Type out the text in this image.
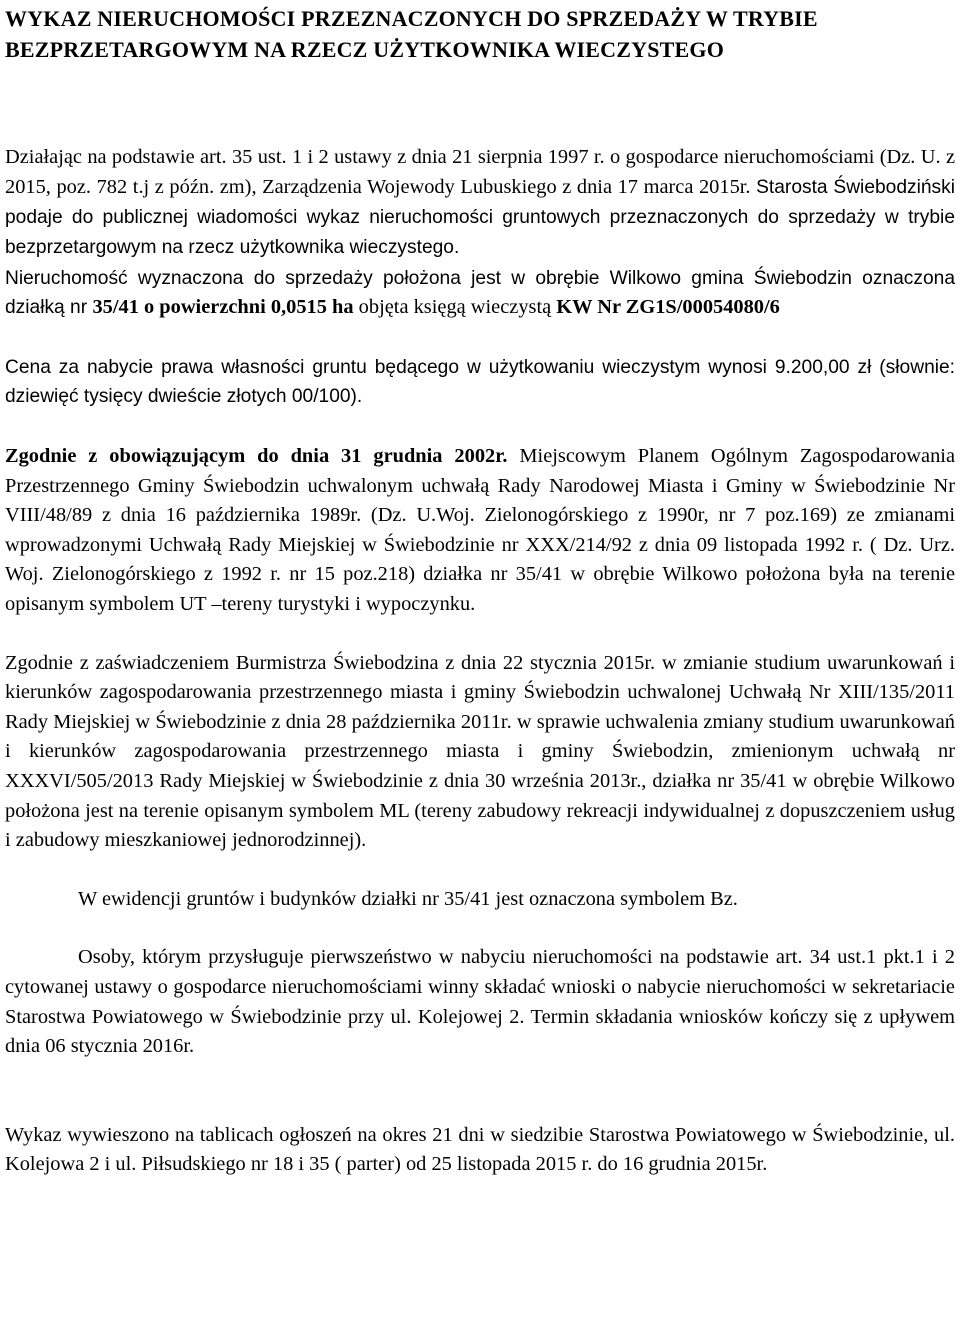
WYKAZ NIERUCHOMOŚCI PRZEZNACZONYCH DO SPRZEDAŻY W TRYBIE BEZPRZETARGOWYM NA RZECZ UŻYTKOWNIKA WIECZYSTEGO

Działając na podstawie art. 35 ust. 1 i 2 ustawy z dnia 21 sierpnia 1997 r. o gospodarce nieruchomościami (Dz. U. z 2015, poz. 782 t.j z późn. zm), Zarządzenia Wojewody Lubuskiego z dnia 17 marca 2015r. Starosta Świebodziński podaje do publicznej wiadomości wykaz nieruchomości gruntowych przeznaczonych do sprzedaży w trybie bezprzetargowym na rzecz użytkownika wieczystego.

Nieruchomość wyznaczona do sprzedaży położona jest w obrębie Wilkowo gmina Świebodzin oznaczona działką nr 35/41 o powierzchni 0,0515 ha objęta księgą wieczystą KW Nr ZG1S/00054080/6

Cena za nabycie prawa własności gruntu będącego w użytkowaniu wieczystym wynosi 9.200,00 zł (słownie: dziewięć tysięcy dwieście złotych 00/100).

Zgodnie z obowiązującym do dnia 31 grudnia 2002r. Miejscowym Planem Ogólnym Zagospodarowania Przestrzennego Gminy Świebodzin uchwalonym uchwałą Rady Narodowej Miasta i Gminy w Świebodzinie Nr VIII/48/89 z dnia 16 października 1989r. (Dz. U.Woj. Zielonogórskiego z 1990r, nr 7 poz.169) ze zmianami wprowadzonymi Uchwałą Rady Miejskiej w Świebodzinie nr XXX/214/92 z dnia 09 listopada 1992 r. ( Dz. Urz. Woj. Zielonogórskiego z 1992 r. nr 15 poz.218) działka nr 35/41 w obrębie Wilkowo położona była na terenie opisanym symbolem UT –tereny turystyki i wypoczynku.

Zgodnie z zaświadczeniem Burmistrza Świebodzina z dnia 22 stycznia 2015r. w zmianie studium uwarunkowań i kierunków zagospodarowania przestrzennego miasta i gminy Świebodzin uchwalonej Uchwałą Nr XIII/135/2011 Rady Miejskiej w Świebodzinie z dnia 28 października 2011r. w sprawie uchwalenia zmiany studium uwarunkowań i kierunków zagospodarowania przestrzennego miasta i gminy Świebodzin, zmienionym uchwałą nr XXXVI/505/2013 Rady Miejskiej w Świebodzinie z dnia 30 września 2013r., działka nr 35/41 w obrębie Wilkowo położona jest na terenie opisanym symbolem ML (tereny zabudowy rekreacji indywidualnej z dopuszczeniem usług i zabudowy mieszkaniowej jednorodzinnej).

W ewidencji gruntów i budynków działki nr 35/41 jest oznaczona symbolem Bz.

Osoby, którym przysługuje pierwszeństwo w nabyciu nieruchomości na podstawie art. 34 ust.1 pkt.1 i 2 cytowanej ustawy o gospodarce nieruchomościami winny składać wnioski o nabycie nieruchomości w sekretariacie Starostwa Powiatowego w Świebodzinie przy ul. Kolejowej 2. Termin składania wniosków kończy się z upływem dnia 06 stycznia 2016r.

Wykaz wywieszono na tablicach ogłoszeń na okres 21 dni w siedzibie Starostwa Powiatowego w Świebodzinie, ul. Kolejowa 2 i ul. Piłsudskiego nr 18 i 35 ( parter) od 25 listopada 2015 r. do 16 grudnia 2015r.
